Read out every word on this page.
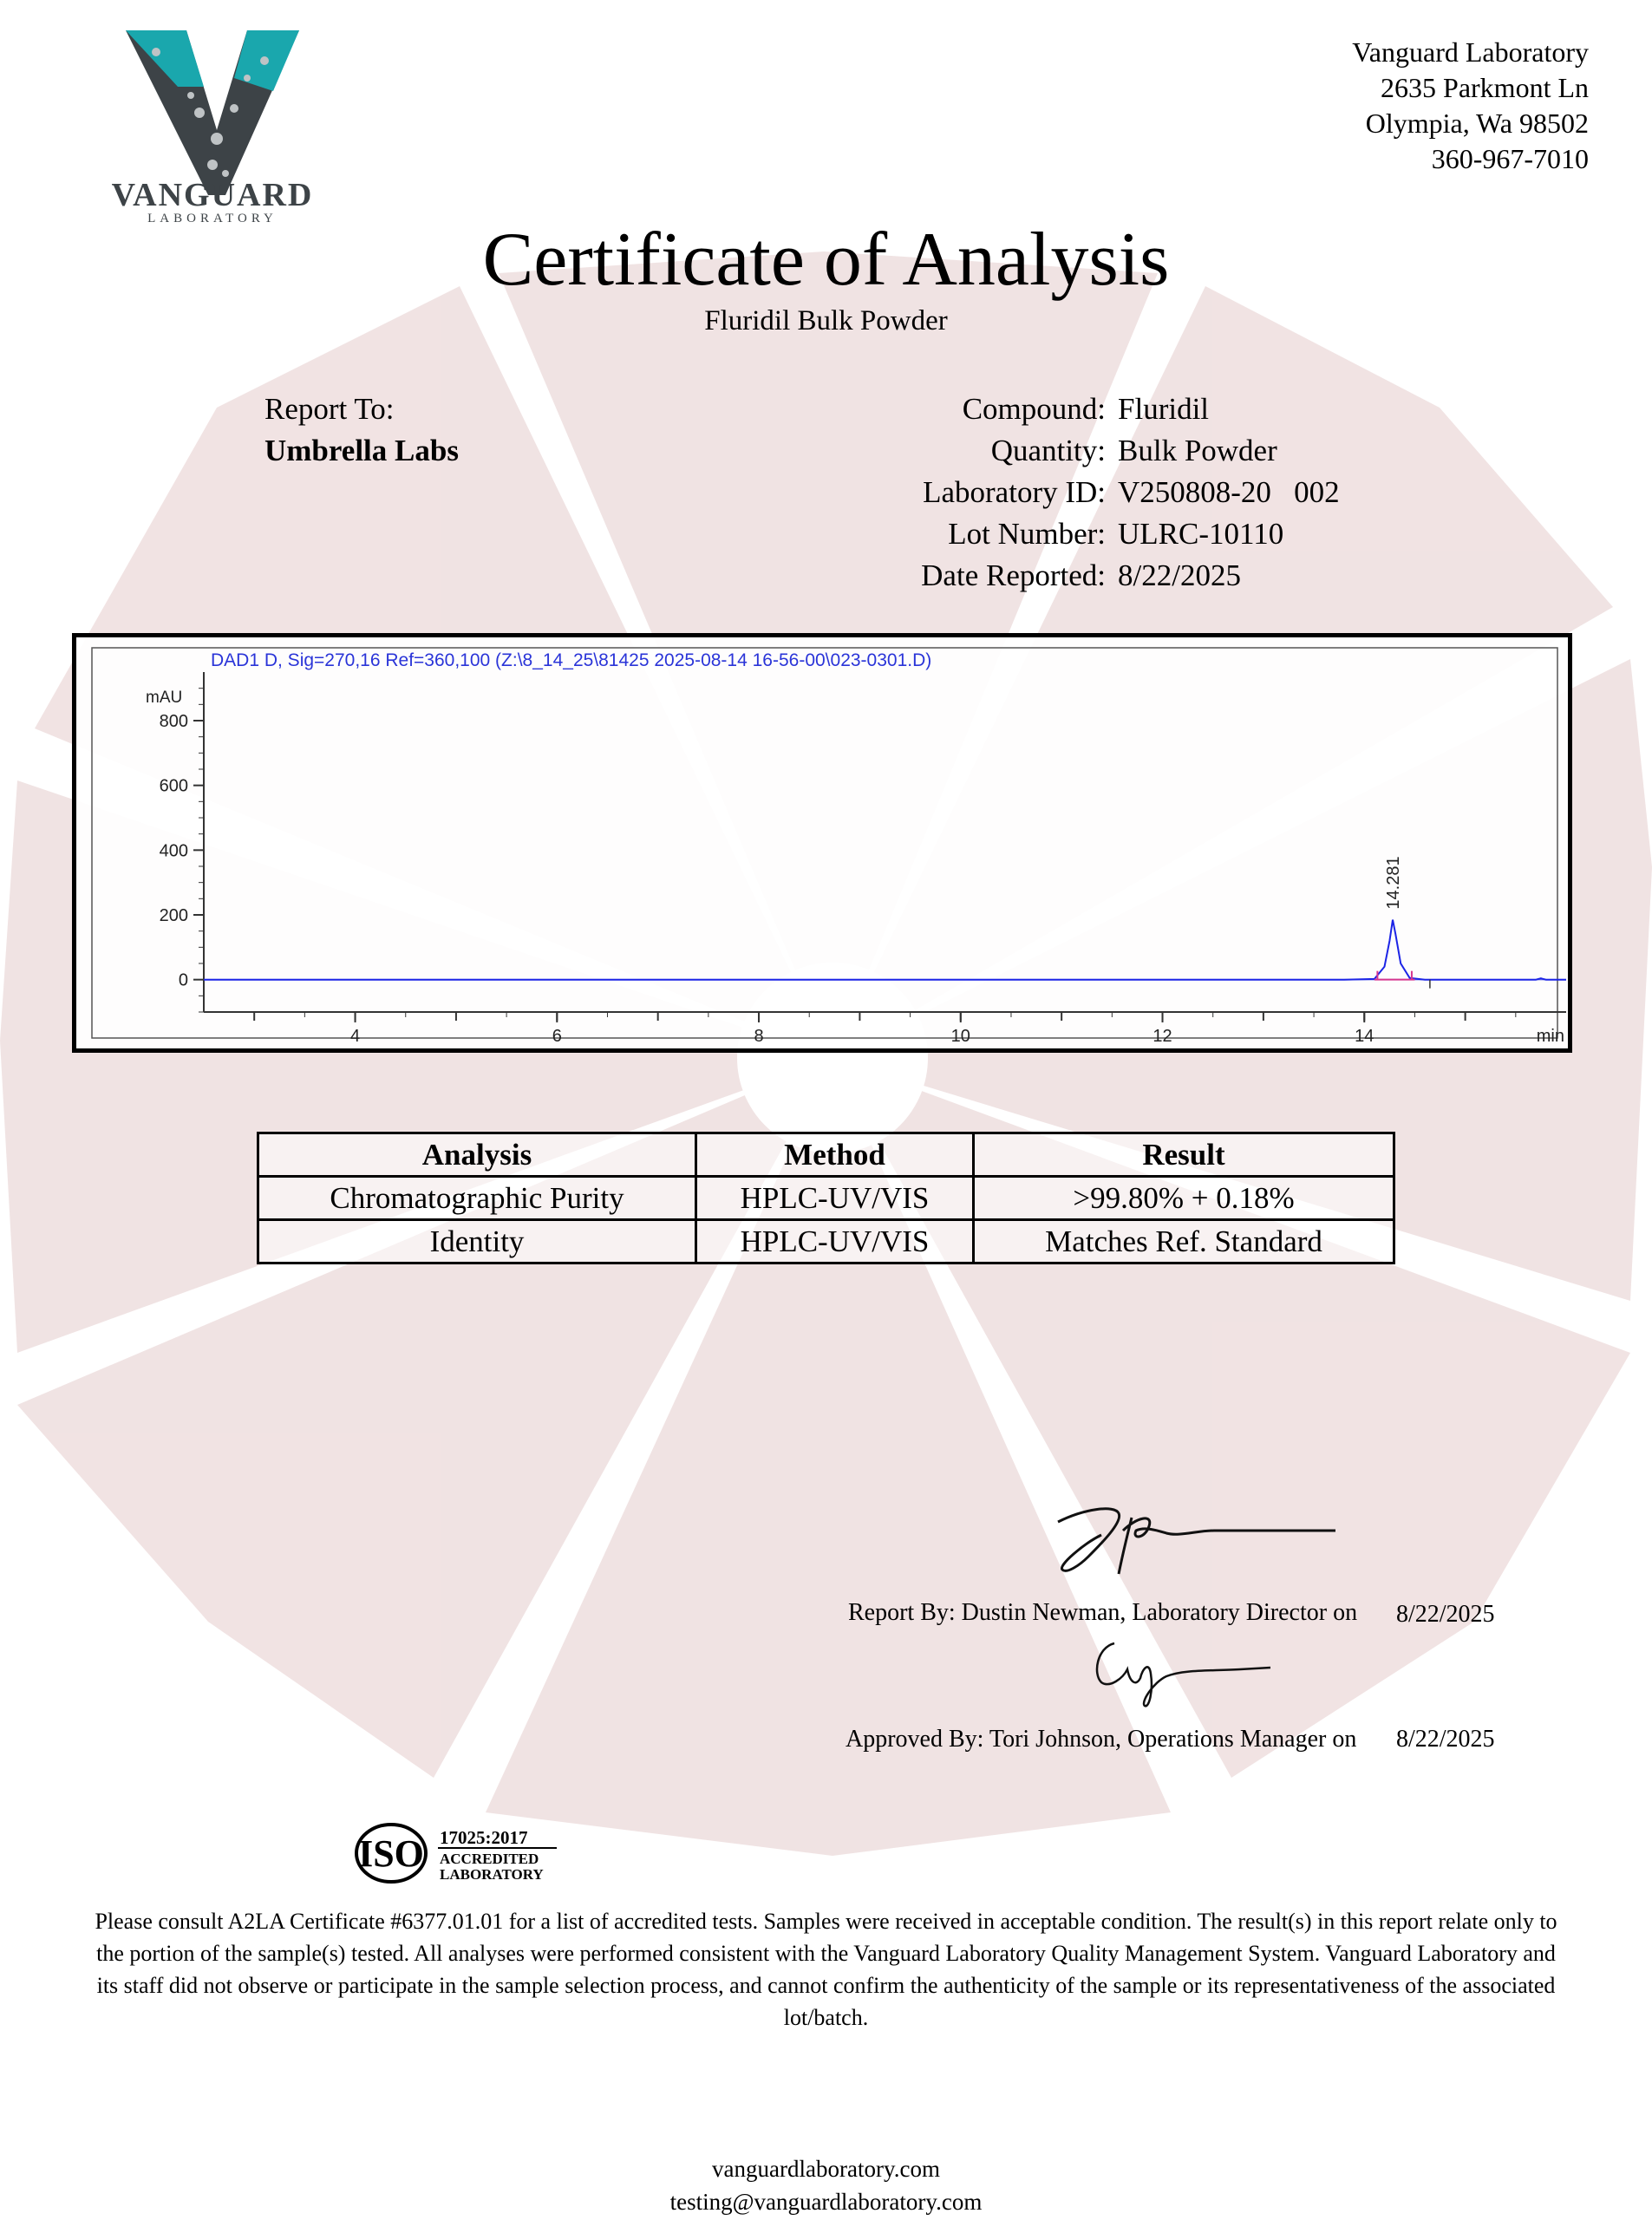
VANGUARD
LABORATORY
Vanguard Laboratory
2635 Parkmont Ln
Olympia, Wa 98502
360-967-7010
Certificate of Analysis
Fluridil Bulk Powder
Report To:
Umbrella Labs
Compound: Fluridil
Quantity: Bulk Powder
Laboratory ID: V250808-20   002
Lot Number: ULRC-10110
Date Reported: 8/22/2025
DAD1 D, Sig=270,16 Ref=360,100 (Z:\8_14_25\81425 2025-08-14 16-56-00\023-0301.D)
mAU
0
200
400
600
800
4	6	8	10	12	14	min
14.281
Analysis	Method	Result
Chromatographic Purity	HPLC-UV/VIS	>99.80% + 0.18%
Identity	HPLC-UV/VIS	Matches Ref. Standard
Report By: Dustin Newman, Laboratory Director on 8/22/2025
Approved By: Tori Johnson, Operations Manager on 8/22/2025
ISO 17025:2017
ACCREDITED
LABORATORY
Please consult A2LA Certificate #6377.01.01 for a list of accredited tests. Samples were received in acceptable condition. The result(s) in this report relate only to the portion of the sample(s) tested. All analyses were performed consistent with the Vanguard Laboratory Quality Management System. Vanguard Laboratory and its staff did not observe or participate in the sample selection process, and cannot confirm the authenticity of the sample or its representativeness of the associated lot/batch.
vanguardlaboratory.com
testing@vanguardlaboratory.com
